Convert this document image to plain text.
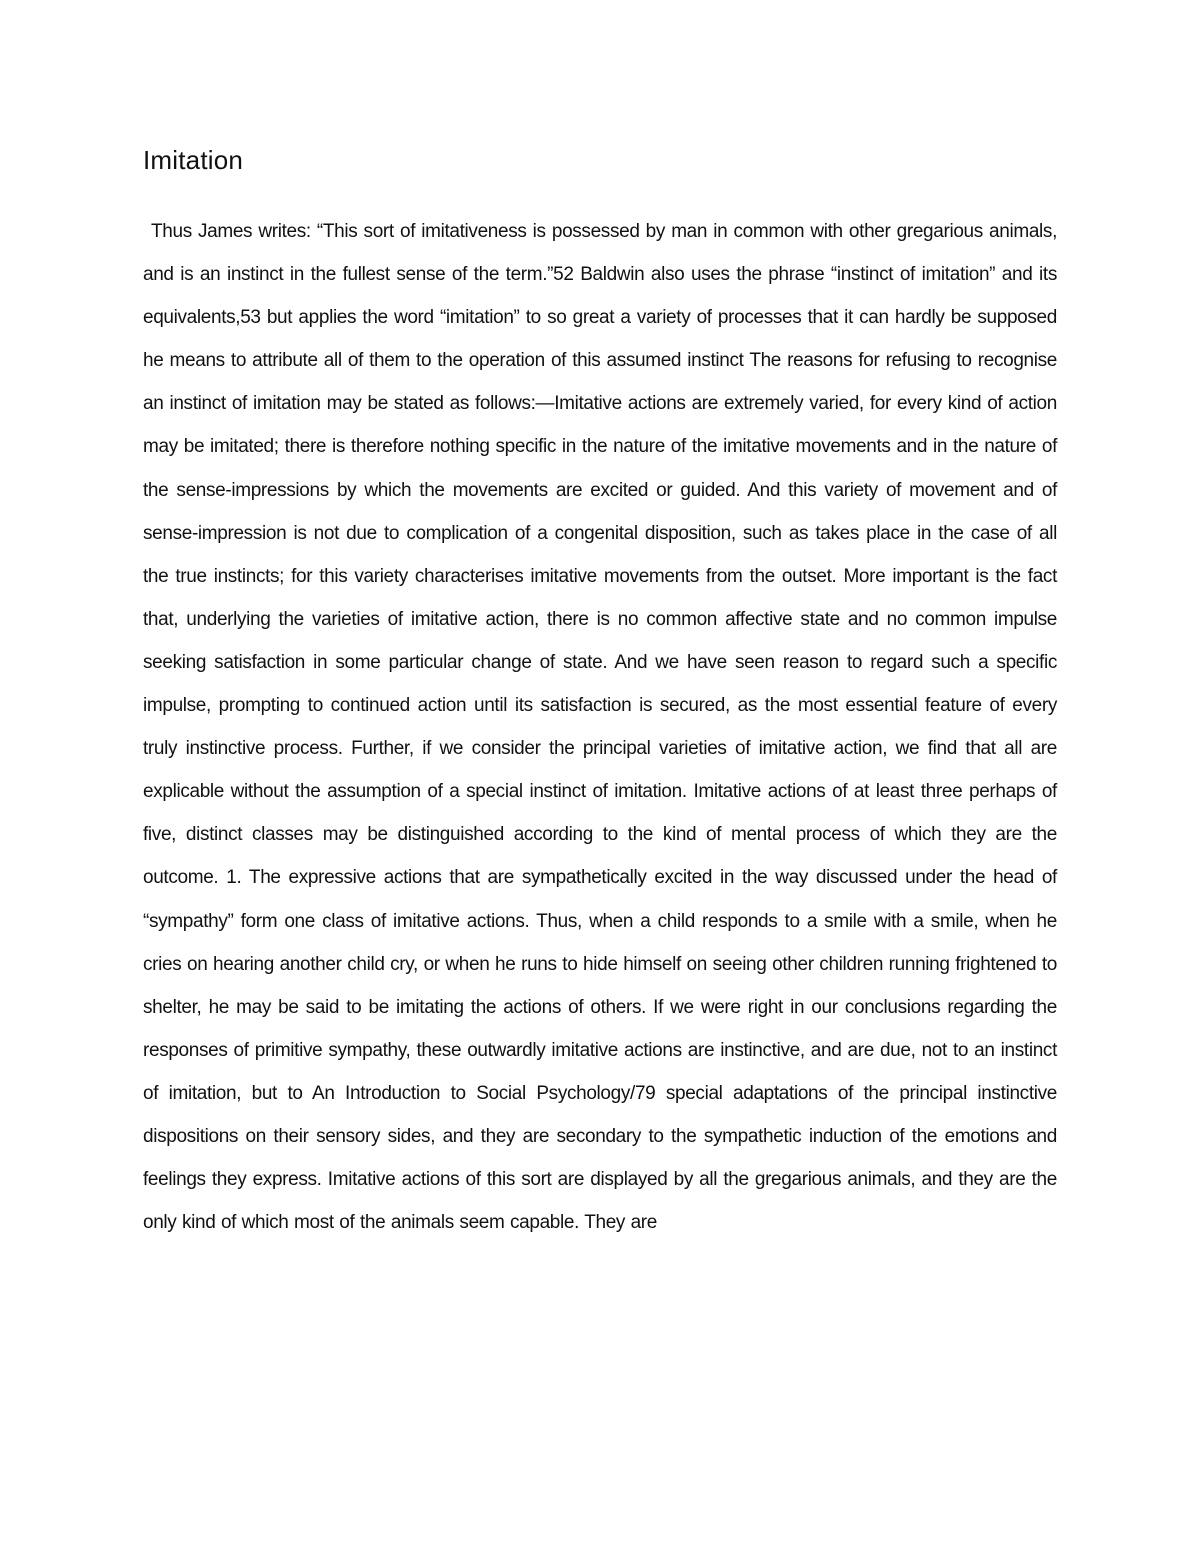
Imitation

Thus James writes: “This sort of imitativeness is possessed by man in common with other gregarious animals, and is an instinct in the fullest sense of the term.”52 Baldwin also uses the phrase “instinct of imitation” and its equivalents,53 but applies the word “imitation” to so great a variety of processes that it can hardly be supposed he means to attribute all of them to the operation of this assumed instinct The reasons for refusing to recognise an instinct of imitation may be stated as follows:—Imitative actions are extremely varied, for every kind of action may be imitated; there is therefore nothing specific in the nature of the imitative movements and in the nature of the sense-impressions by which the movements are excited or guided. And this variety of movement and of sense-impression is not due to complication of a congenital disposition, such as takes place in the case of all the true instincts; for this variety characterises imitative movements from the outset. More important is the fact that, underlying the varieties of imitative action, there is no common affective state and no common impulse seeking satisfaction in some particular change of state. And we have seen reason to regard such a specific impulse, prompting to continued action until its satisfaction is secured, as the most essential feature of every truly instinctive process. Further, if we consider the principal varieties of imitative action, we find that all are explicable without the assumption of a special instinct of imitation. Imitative actions of at least three perhaps of five, distinct classes may be distinguished according to the kind of mental process of which they are the outcome. 1. The expressive actions that are sympathetically excited in the way discussed under the head of “sympathy” form one class of imitative actions. Thus, when a child responds to a smile with a smile, when he cries on hearing another child cry, or when he runs to hide himself on seeing other children running frightened to shelter, he may be said to be imitating the actions of others. If we were right in our conclusions regarding the responses of primitive sympathy, these outwardly imitative actions are instinctive, and are due, not to an instinct of imitation, but to An Introduction to Social Psychology/79 special adaptations of the principal instinctive dispositions on their sensory sides, and they are secondary to the sympathetic induction of the emotions and feelings they express. Imitative actions of this sort are displayed by all the gregarious animals, and they are the only kind of which most of the animals seem capable. They are
